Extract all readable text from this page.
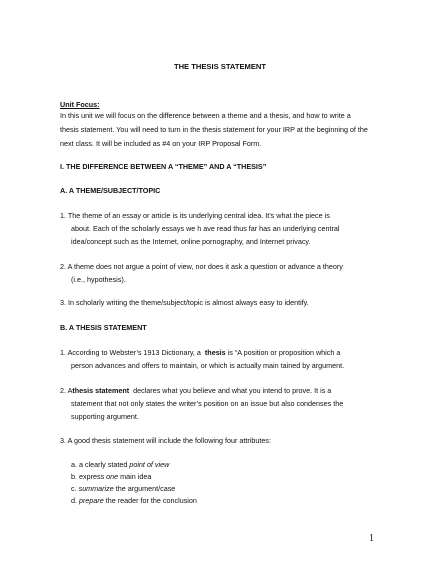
THE THESIS STATEMENT

Unit Focus:

In this unit we will focus on the difference between a theme and a thesis, and how to write a

thesis statement. You will need to turn in the thesis statement for your IRP at the beginning of the

next class. It will be included as #4 on your IRP Proposal Form.

I. THE DIFFERENCE BETWEEN A “THEME” AND A “THESIS”

A. A THEME/SUBJECT/TOPIC

1. The theme of an essay or article is its underlying central idea. It’s what the piece is

about. Each of the scholarly essays we h ave read thus far has an underlying central

idea/concept such as the Internet, online pornography, and Internet privacy.

2. A theme does not argue a point of view, nor does it ask a question or advance a theory

(i.e., hypothesis).

3. In scholarly writing the theme/subject/topic is almost always easy to identify.

B. A THESIS STATEMENT

1. According to Webster’s 1913 Dictionary, a thesis is “A position or proposition which a

person advances and offers to maintain, or which is actually main tained by argument.

2. Athesis statement declares what you believe and what you intend to prove. It is a

statement that not only states the writer’s position on an issue but also condenses the

supporting argument.

3. A good thesis statement will include the following four attributes:

a. a clearly stated point of view

b. express one main idea

c. summarize the argument/case

d. prepare the reader for the conclusion

1
